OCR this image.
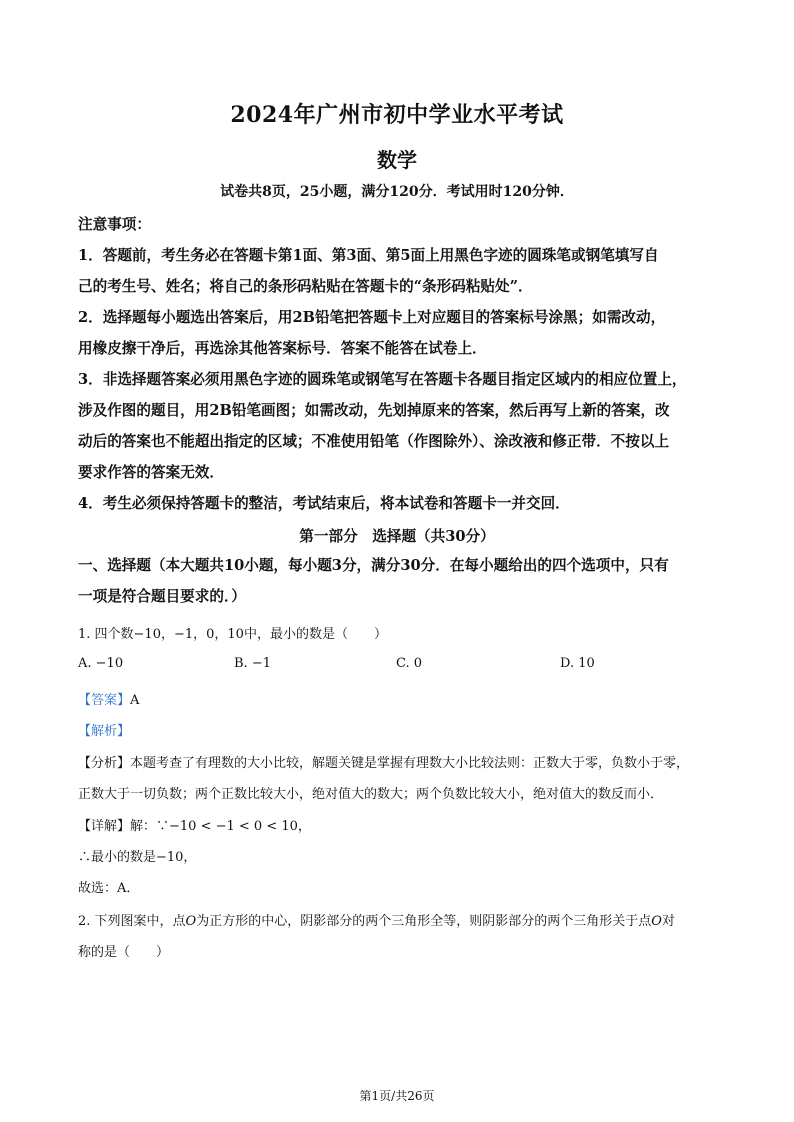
2024年广州市初中学业水平考试
数学
试卷共8页，25小题，满分120分．考试用时120分钟．
注意事项：
1．答题前，考生务必在答题卡第1面、第3面、第5面上用黑色字迹的圆珠笔或钢笔填写自
己的考生号、姓名；将自己的条形码粘贴在答题卡的“条形码粘贴处”．
2．选择题每小题选出答案后，用2B铅笔把答题卡上对应题目的答案标号涂黑；如需改动，
用橡皮擦干净后，再选涂其他答案标号．答案不能答在试卷上．
3．非选择题答案必须用黑色字迹的圆珠笔或钢笔写在答题卡各题目指定区域内的相应位置上，
涉及作图的题目，用2B铅笔画图；如需改动，先划掉原来的答案，然后再写上新的答案，改
动后的答案也不能超出指定的区域；不准使用铅笔（作图除外）、涂改液和修正带．不按以上
要求作答的答案无效．
4．考生必须保持答题卡的整洁，考试结束后，将本试卷和答题卡一并交回．
第一部分　选择题（共30分）
一、选择题（本大题共10小题，每小题3分，满分30分．在每小题给出的四个选项中，只有
一项是符合题目要求的．）
1. 四个数−10，−1，0，10中，最小的数是（　　）
A. −10	B. −1	C. 0	D. 10
【答案】A
【解析】
【分析】本题考查了有理数的大小比较，解题关键是掌握有理数大小比较法则：正数大于零，负数小于零，
正数大于一切负数；两个正数比较大小，绝对值大的数大；两个负数比较大小，绝对值大的数反而小．
【详解】解：∵−10 < −1 < 0 < 10，
∴最小的数是−10，
故选：A．
2. 下列图案中，点O为正方形的中心，阴影部分的两个三角形全等，则阴影部分的两个三角形关于点O对
称的是（　　）
第1页/共26页
